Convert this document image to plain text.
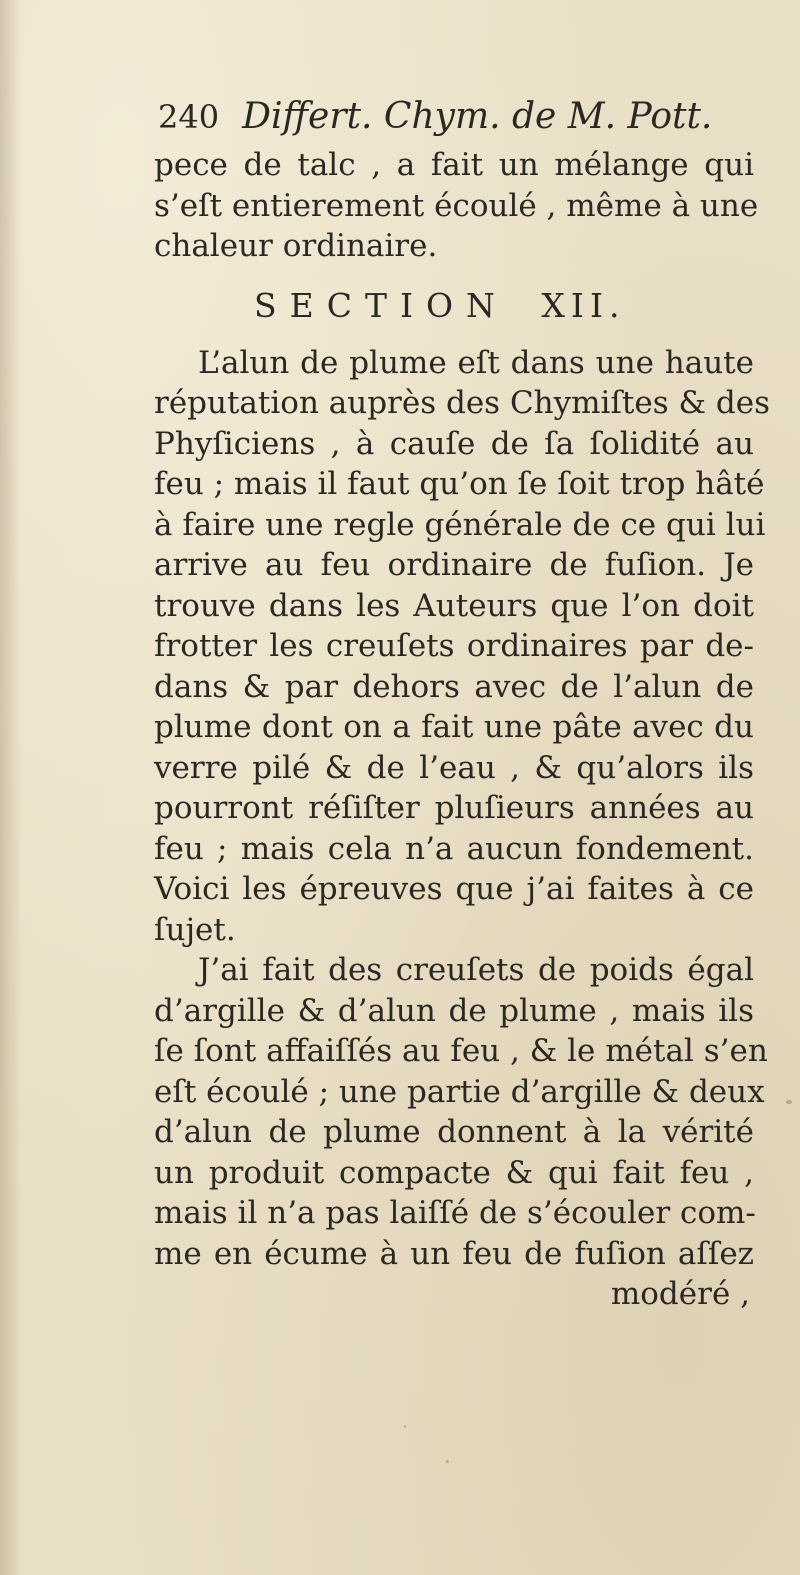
240 Differt. Chym. de M. Pott.
pece de talc , a fait un mélange qui
s’eſt entierement écoulé , même à une
chaleur ordinaire.
SECTION XII.
L’alun de plume eſt dans une haute
réputation auprès des Chymiſtes & des
Phyſiciens , à cauſe de ſa ſolidité au
feu ; mais il faut qu’on ſe ſoit trop hâté
à faire une regle générale de ce qui lui
arrive au feu ordinaire de fuſion. Je
trouve dans les Auteurs que l’on doit
frotter les creuſets ordinaires par de-
dans & par dehors avec de l’alun de
plume dont on a fait une pâte avec du
verre pilé & de l’eau , & qu’alors ils
pourront réſiſter pluſieurs années au
feu ; mais cela n’a aucun fondement.
Voici les épreuves que j’ai faites à ce
ſujet.
J’ai fait des creuſets de poids égal
d’argille & d’alun de plume , mais ils
ſe ſont affaiſſés au feu , & le métal s’en
eſt écoulé ; une partie d’argille & deux
d’alun de plume donnent à la vérité
un produit compacte & qui fait feu ,
mais il n’a pas laiſſé de s’écouler com-
me en écume à un feu de fuſion aſſez
modéré ,
